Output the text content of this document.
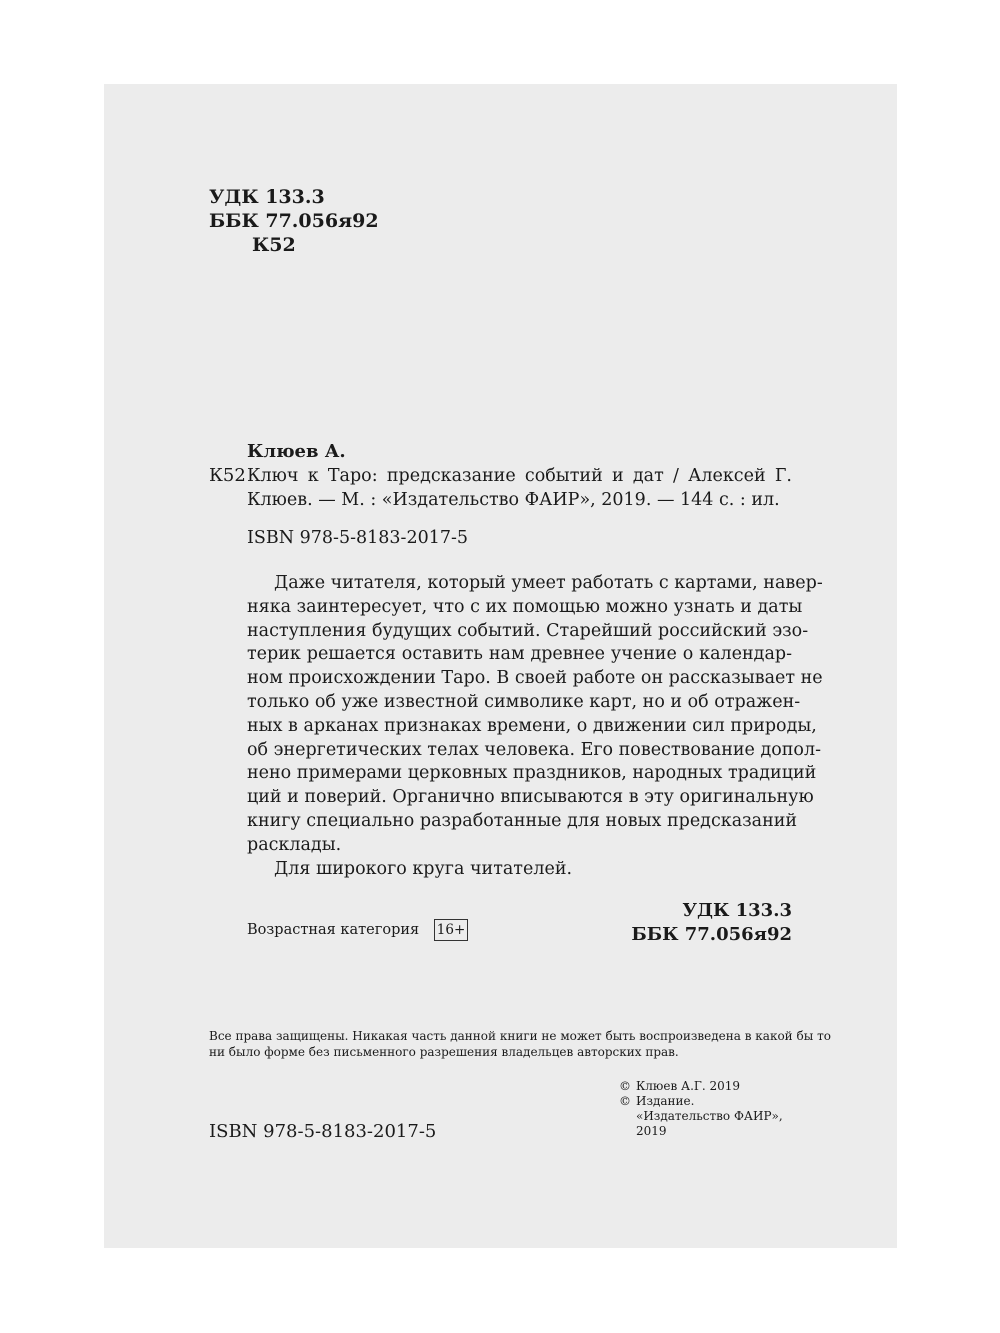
УДК 133.3
ББК 77.056я92
К52
Клюев А.
К52 Ключ к Таро: предсказание событий и дат / Алексей Г.
Клюев. — М. : «Издательство ФАИР», 2019. — 144 с. : ил.
ISBN 978-5-8183-2017-5
Даже читателя, который умеет работать с картами, навер-
няка заинтересует, что с их помощью можно узнать и даты
наступления будущих событий. Старейший российский эзо-
терик решается оставить нам древнее учение о календар-
ном происхождении Таро. В своей работе он рассказывает не
только об уже известной символике карт, но и об отражен-
ных в арканах признаках времени, о движении сил природы,
об энергетических телах человека. Его повествование допол-
нено примерами церковных праздников, народных традиций
ций и поверий. Органично вписываются в эту оригинальную
книгу специально разработанные для новых предсказаний
расклады.
Для широкого круга читателей.
Возрастная категория 16+
УДК 133.3
ББК 77.056я92
Все права защищены. Никакая часть данной книги не может быть воспроизведена в какой бы то
ни было форме без письменного разрешения владельцев авторских прав.
© Клюев А.Г. 2019
© Издание.
«Издательство ФАИР»,
2019
ISBN 978-5-8183-2017-5
